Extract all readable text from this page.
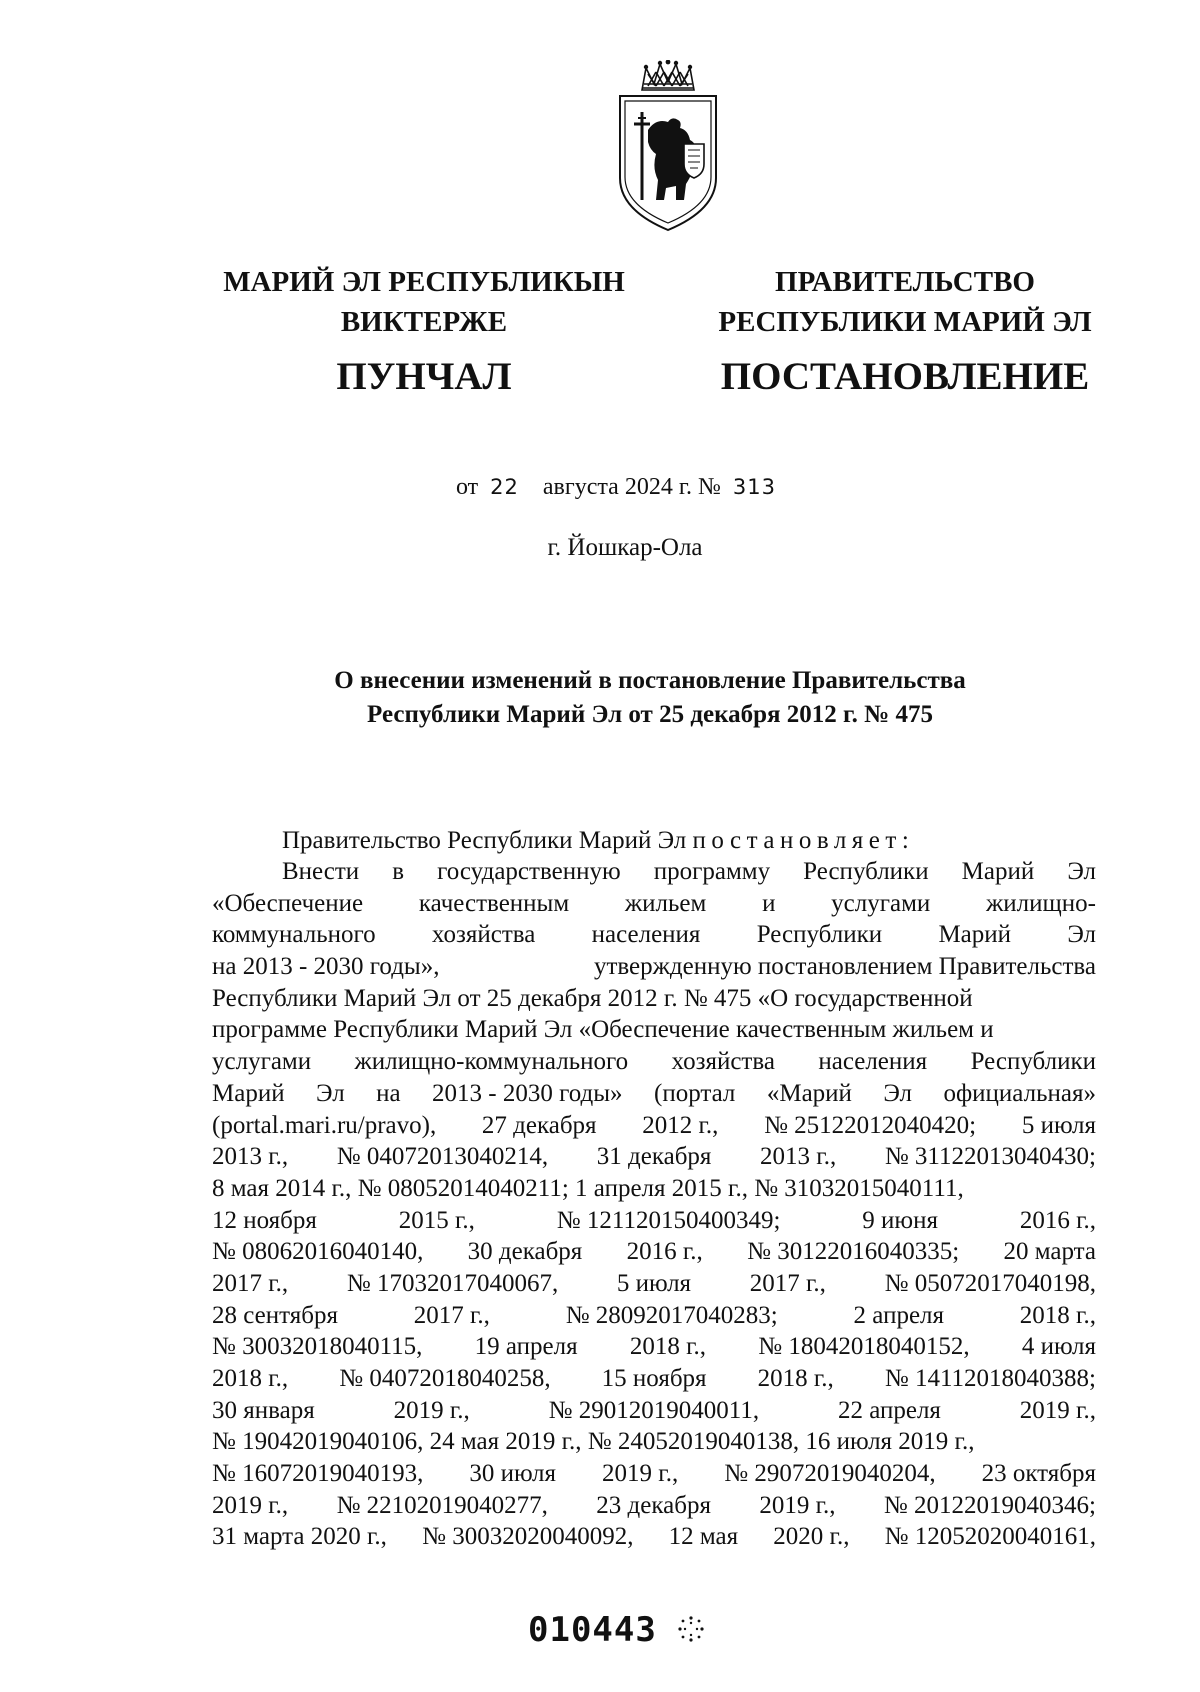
МАРИЙ ЭЛ РЕСПУБЛИКЫН
ВИКТЕРЖЕ
ПУНЧАЛ
ПРАВИТЕЛЬСТВО
РЕСПУБЛИКИ МАРИЙ ЭЛ
ПОСТАНОВЛЕНИЕ
от 22 августа 2024 г. № 313
г. Йошкар-Ола
О внесении изменений в постановление Правительства
Республики Марий Эл от 25 декабря 2012 г. № 475
Правительство Республики Марий Эл постановляет:
Внести в государственную программу Республики Марий Эл
«Обеспечение качественным жильем и услугами жилищно-
коммунального хозяйства населения Республики Марий Эл
на 2013 - 2030 годы»,	утвержденную постановлением Правительства
Республики Марий Эл от 25 декабря 2012 г. № 475 «О государственной
программе Республики Марий Эл «Обеспечение качественным жильем и
услугами жилищно-коммунального хозяйства населения Республики
Марий Эл на 2013 - 2030 годы» (портал «Марий Эл официальная»
(portal.mari.ru/pravo), 27 декабря 2012 г., № 25122012040420; 5 июля
2013 г., № 04072013040214, 31 декабря 2013 г., № 31122013040430;
8 мая 2014 г., № 08052014040211; 1 апреля 2015 г., № 31032015040111,
12 ноября	2015 г.,	№ 121120150400349;	9 июня	2016 г.,
№ 08062016040140, 30 декабря 2016 г., № 30122016040335; 20 марта
2017 г., № 17032017040067, 5 июля 2017 г., № 05072017040198,
28 сентября	2017 г.,	№ 28092017040283;	2 апреля	2018 г.,
№ 30032018040115, 19 апреля 2018 г., № 18042018040152, 4 июля
2018 г., № 04072018040258, 15 ноября 2018 г., № 14112018040388;
30 января	2019 г.,	№ 29012019040011,	22 апреля	2019 г.,
№ 19042019040106, 24 мая 2019 г., № 24052019040138, 16 июля 2019 г.,
№ 16072019040193, 30 июля 2019 г., № 29072019040204, 23 октября
2019 г., № 22102019040277, 23 декабря 2019 г., № 20122019040346;
31 марта 2020 г., № 30032020040092, 12 мая 2020 г., № 12052020040161,
010443
